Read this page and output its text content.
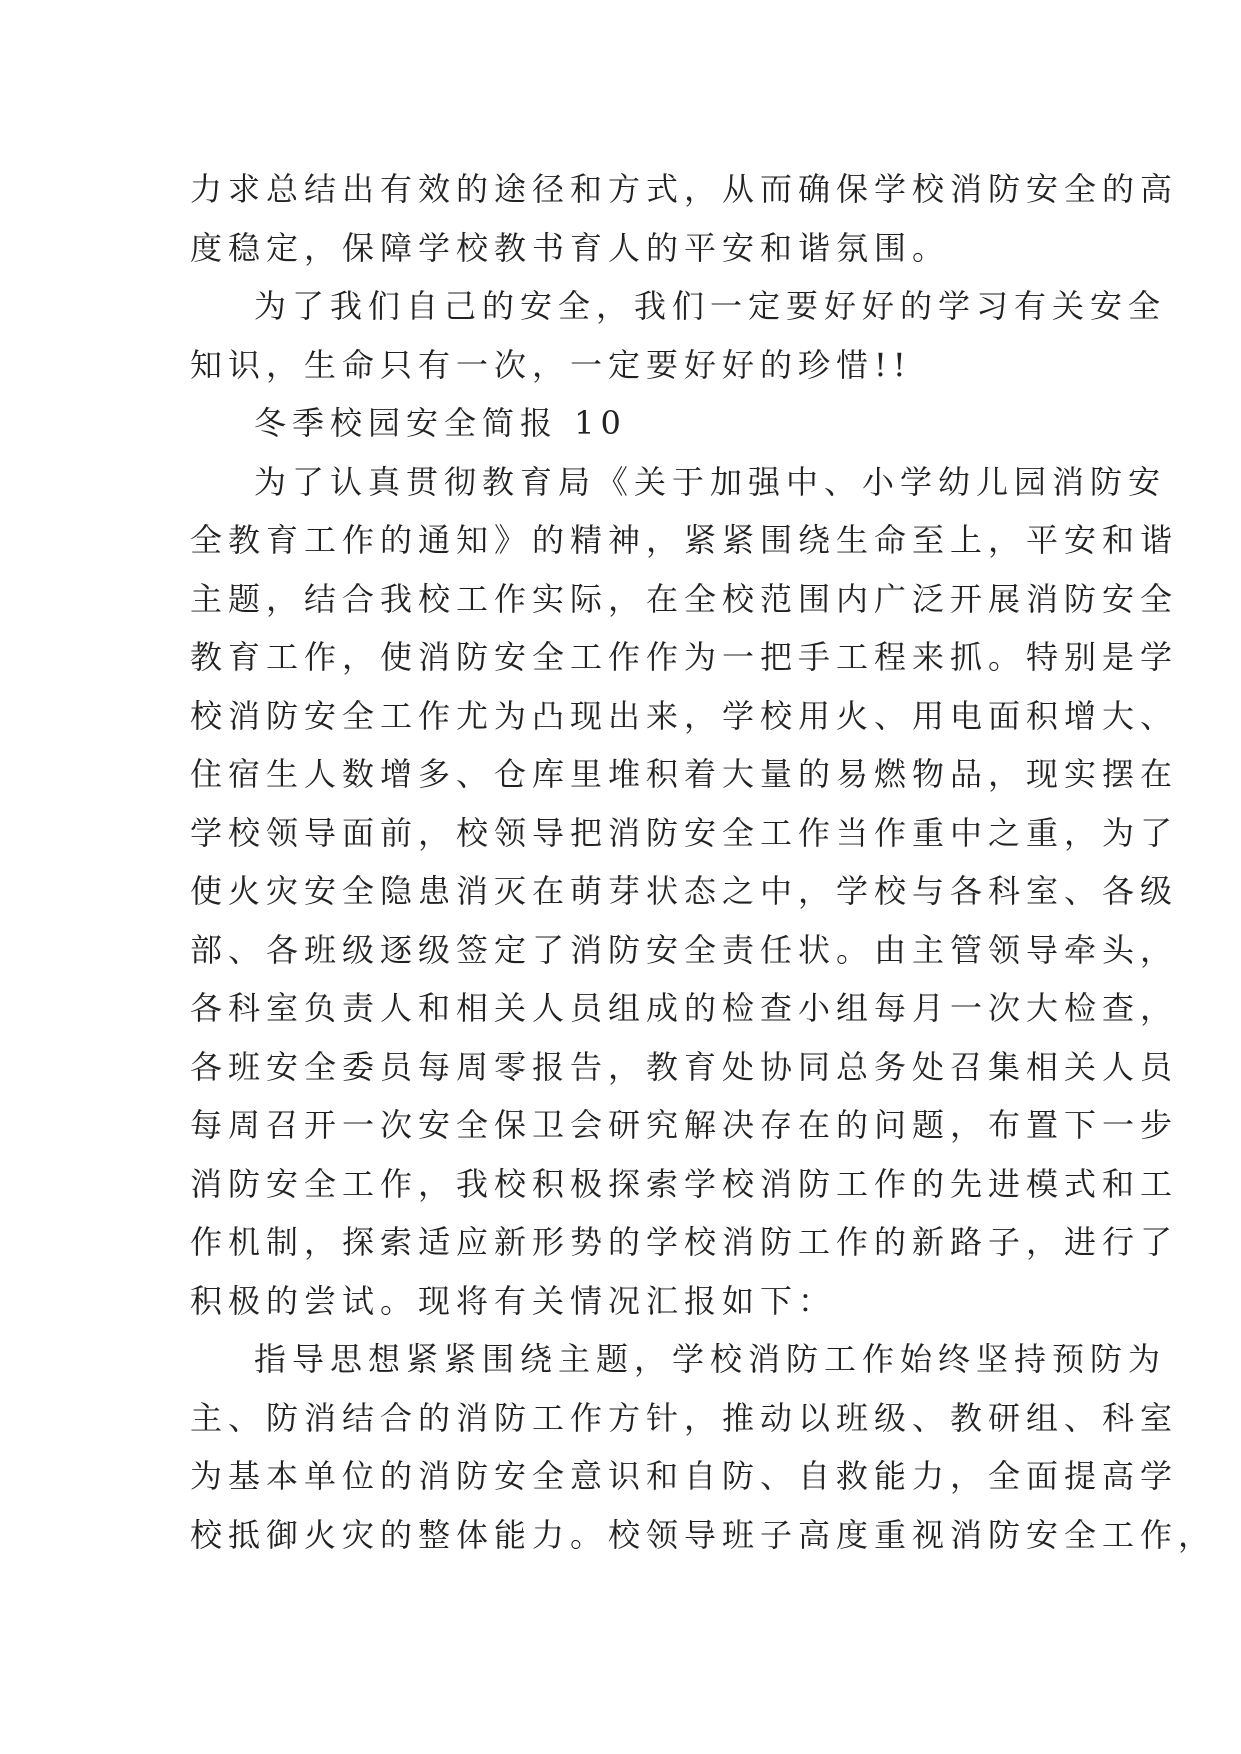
力求总结出有效的途径和方式，从而确保学校消防安全的高
度稳定，保障学校教书育人的平安和谐氛围。
为了我们自己的安全，我们一定要好好的学习有关安全
知识，生命只有一次，一定要好好的珍惜!!
冬季校园安全简报 10
为了认真贯彻教育局《关于加强中、小学幼儿园消防安
全教育工作的通知》的精神，紧紧围绕生命至上，平安和谐
主题，结合我校工作实际，在全校范围内广泛开展消防安全
教育工作，使消防安全工作作为一把手工程来抓。特别是学
校消防安全工作尤为凸现出来，学校用火、用电面积增大、
住宿生人数增多、仓库里堆积着大量的易燃物品，现实摆在
学校领导面前，校领导把消防安全工作当作重中之重，为了
使火灾安全隐患消灭在萌芽状态之中，学校与各科室、各级
部、各班级逐级签定了消防安全责任状。由主管领导牵头，
各科室负责人和相关人员组成的检查小组每月一次大检查，
各班安全委员每周零报告，教育处协同总务处召集相关人员
每周召开一次安全保卫会研究解决存在的问题，布置下一步
消防安全工作，我校积极探索学校消防工作的先进模式和工
作机制，探索适应新形势的学校消防工作的新路子，进行了
积极的尝试。现将有关情况汇报如下：
指导思想紧紧围绕主题，学校消防工作始终坚持预防为
主、防消结合的消防工作方针，推动以班级、教研组、科室
为基本单位的消防安全意识和自防、自救能力，全面提高学
校抵御火灾的整体能力。校领导班子高度重视消防安全工作，
